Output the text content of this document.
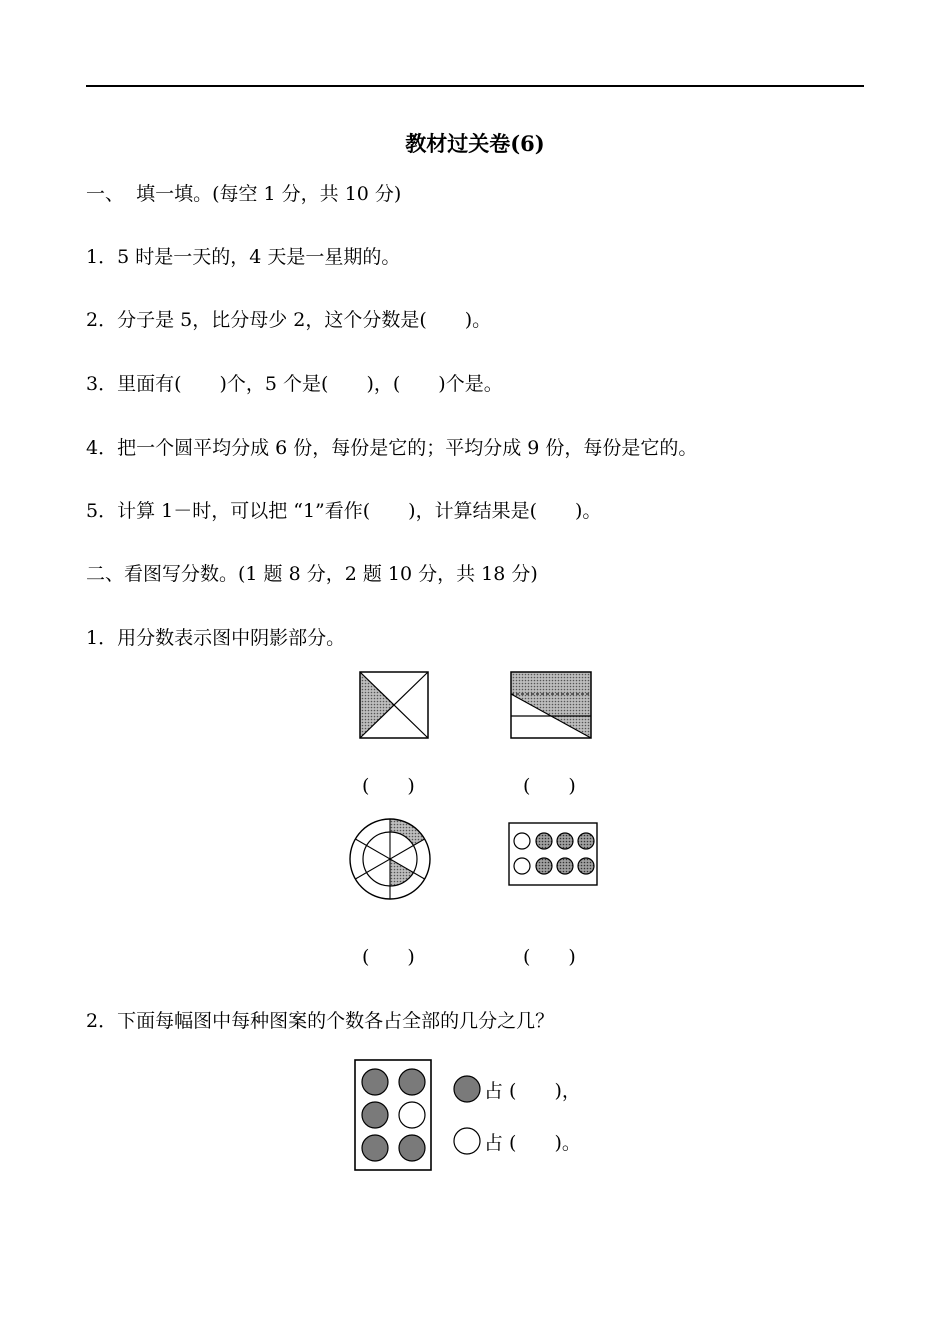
教材过关卷(6)
一、  填一填。(每空 1 分，共 10 分)
1．5 时是一天的，4 天是一星期的。
2．分子是 5，比分母少 2，这个分数是(　　)。
3．里面有(　　)个，5 个是(　　)，(　　)个是。
4．把一个圆平均分成 6 份，每份是它的；平均分成 9 份，每份是它的。
5．计算 1－时，可以把 “1”看作(　　)，计算结果是(　　)。
二、看图写分数。(1 题 8 分，2 题 10 分，共 18 分)
1．用分数表示图中阴影部分。
(　　)	(　　)
(　　)	(　　)
2．下面每幅图中每种图案的个数各占全部的几分之几？
占 (　　)，
占 (　　)。
